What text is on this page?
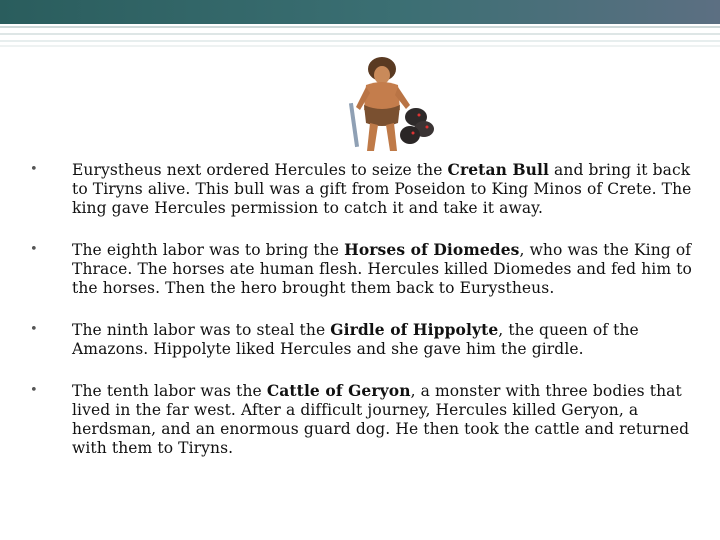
• Eurystheus next ordered Hercules to seize the Cretan Bull and bring it back to Tiryns alive. This bull was a gift from Poseidon to King Minos of Crete. The king gave Hercules permission to catch it and take it away.
• The eighth labor was to bring the Horses of Diomedes, who was the King of Thrace. The horses ate human flesh. Hercules killed Diomedes and fed him to the horses. Then the hero brought them back to Eurystheus.
• The ninth labor was to steal the Girdle of Hippolyte, the queen of the Amazons. Hippolyte liked Hercules and she gave him the girdle.
• The tenth labor was the Cattle of Geryon, a monster with three bodies that lived in the far west. After a difficult journey, Hercules killed Geryon, a herdsman, and an enormous guard dog. He then took the cattle and returned with them to Tiryns.
